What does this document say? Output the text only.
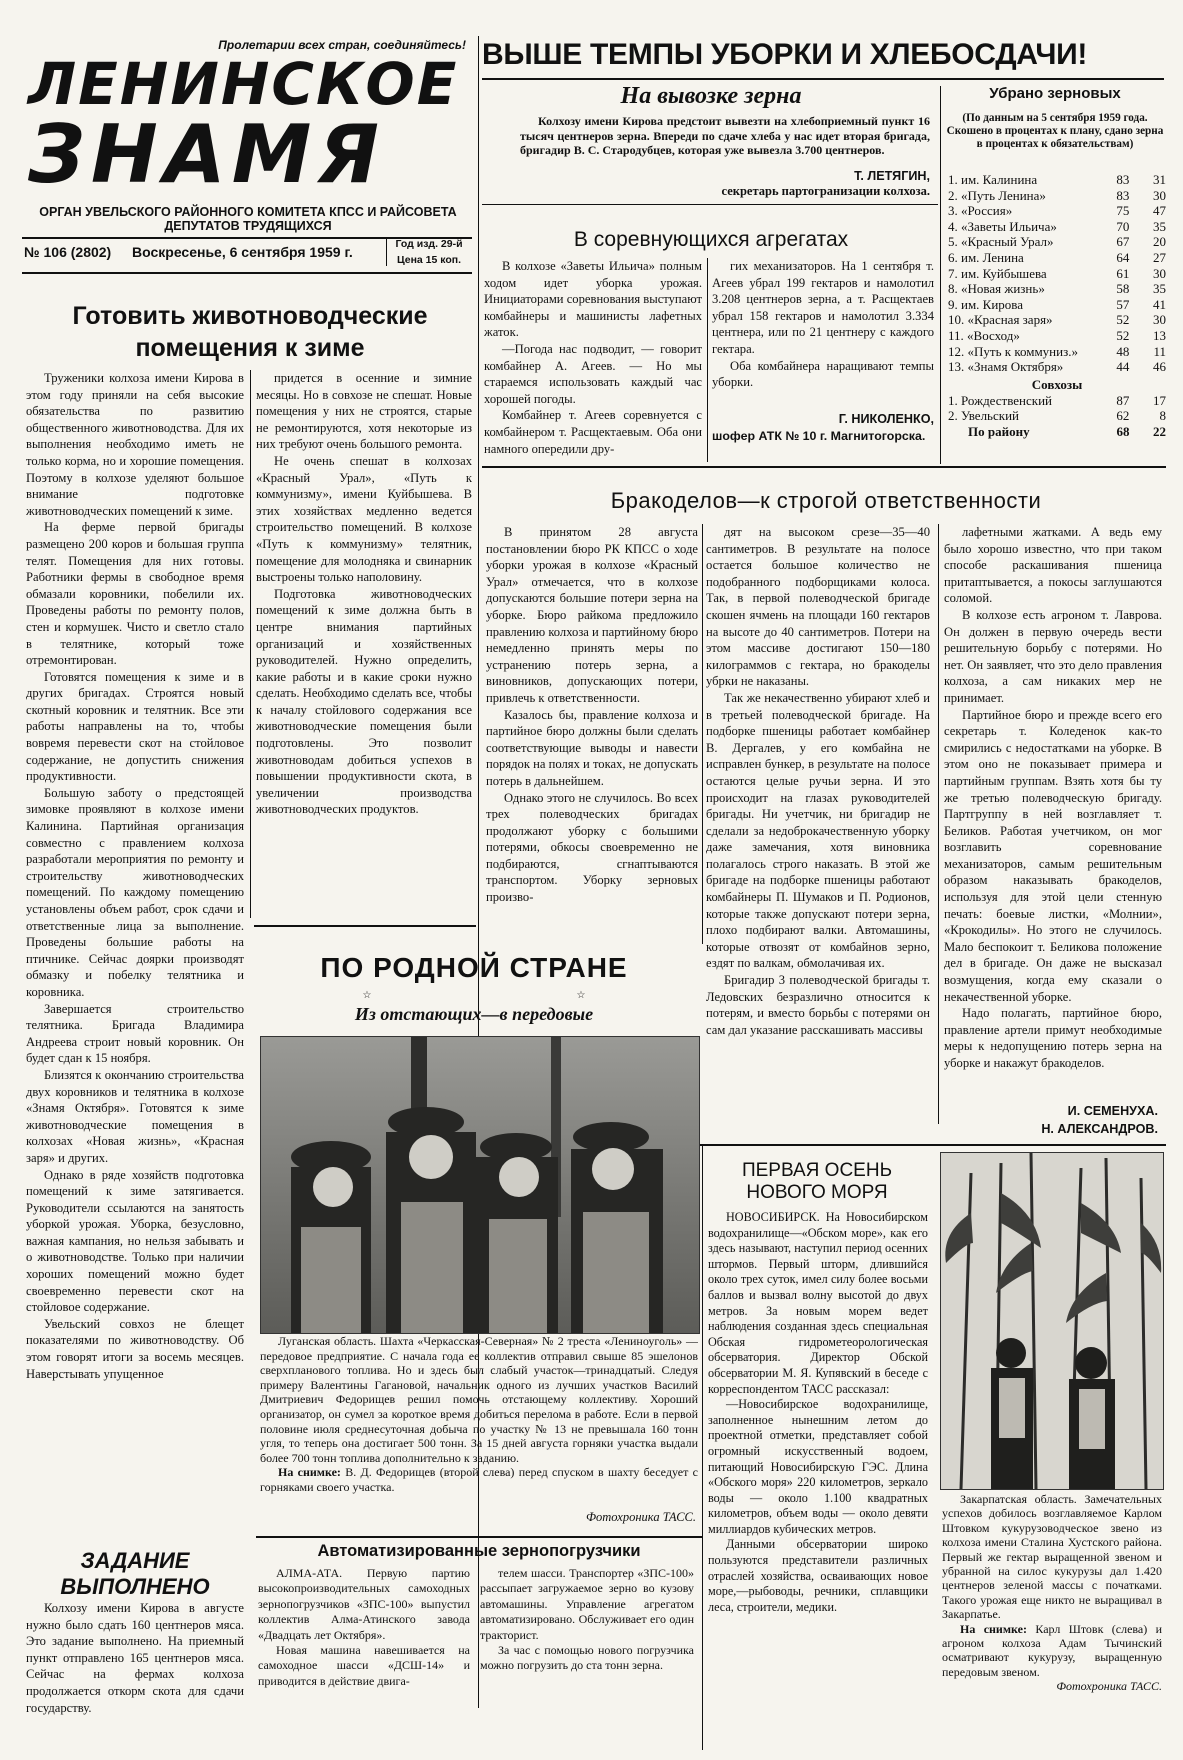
Пролетарии всех стран, соединяйтесь!
ЛЕНИНСКОЕ
ЗНАМЯ
ОРГАН УВЕЛЬСКОГО РАЙОННОГО КОМИТЕТА КПСС И РАЙСОВЕТА ДЕПУТАТОВ ТРУДЯЩИХСЯ
№ 106 (2802) Воскресенье, 6 сентября 1959 г.	Год изд. 29-й
Цена 15 коп.
ВЫШЕ ТЕМПЫ УБОРКИ И ХЛЕБОСДАЧИ!
На вывозке зерна

Колхозу имени Кирова предстоит вывезти на хлебоприемный пункт 16 тысяч центнеров зерна. Впереди по сдаче хлеба у нас идет вторая бригада, бригадир В. С. Стародубцев, которая уже вывезла 3.700 центнеров.

Т. ЛЕТЯГИН,
секретарь партогранизации колхоза.
Убрано зерновых
(По данным на 5 сентября 1959 года. Скошено в процентах к плану, сдано зерна в процентах к обязательствам)
1. им. Калинина	83	31
2. «Путь Ленина»	83	30
3. «Россия»	75	47
4. «Заветы Ильича»	70	35
5. «Красный Урал»	67	20
6. им. Ленина	64	27
7. им. Куйбышева	61	30
8. «Новая жизнь»	58	35
9. им. Кирова	57	41
10. «Красная заря»	52	30
11. «Восход»	52	13
12. «Путь к коммуниз.»	48	11
13. «Знамя Октября»	44	46
Совхозы
1. Рождественский	87	17
2. Увельский	62	8
По району	68	22
В соревнующихся агрегатах

В колхозе «Заветы Ильича» полным ходом идет уборка урожая. Инициаторами соревнования выступают комбайнеры и машинисты лафетных жаток.

—Погода нас подводит, — говорит комбайнер А. Агеев. — Но мы стараемся использовать каждый час хорошей погоды.

Комбайнер т. Агеев соревнуется с комбайнером т. Расщектаевым. Оба они намного опередили дру-

гих механизаторов. На 1 сентября т. Агеев убрал 199 гектаров и намолотил 3.208 центнеров зерна, а т. Расщектаев убрал 158 гектаров и намолотил 3.334 центнера, или по 21 центнеру с каждого гектара.

Оба комбайнера наращивают темпы уборки.

Г. НИКОЛЕНКО,
шофер АТК № 10 г. Магнитогорска.
Готовить животноводческие помещения к зиме

Труженики колхоза имени Кирова в этом году приняли на себя высокие обязательства по развитию общественного животноводства. Для их выполнения необходимо иметь не только корма, но и хорошие помещения. Поэтому в колхозе уделяют большое внимание подготовке животноводческих помещений к зиме.

На ферме первой бригады размещено 200 коров и большая группа телят. Помещения для них готовы. Работники фермы в свободное время обмазали коровники, побелили их. Проведены работы по ремонту полов, стен и кормушек. Чисто и светло стало в телятнике, который тоже отремонтирован.

Готовятся помещения к зиме и в других бригадах. Строятся новый скотный коровник и телятник. Все эти работы направлены на то, чтобы вовремя перевести скот на стойловое содержание, не допустить снижения продуктивности.

Большую заботу о предстоящей зимовке проявляют в колхозе имени Калинина. Партийная организация совместно с правлением колхоза разработали мероприятия по ремонту и строительству животноводческих помещений. По каждому помещению установлены объем работ, срок сдачи и ответственные лица за выполнение. Проведены большие работы на птичнике. Сейчас доярки производят обмазку и побелку телятника и коровника.

Завершается строительство телятника. Бригада Владимира Андреева строит новый коровник. Он будет сдан к 15 ноября.

Близятся к окончанию строительства двух коровников и телятника в колхозе «Знамя Октября». Готовятся к зиме животноводческие помещения в колхозах «Новая жизнь», «Красная заря» и других.

Однако в ряде хозяйств подготовка помещений к зиме затягивается. Руководители ссылаются на занятость уборкой урожая. Уборка, безусловно, важная кампания, но нельзя забывать и о животноводстве. Только при наличии хороших помещений можно будет своевременно перевести скот на стойловое содержание.

Увельский совхоз не блещет показателями по животноводству. Об этом говорят итоги за восемь месяцев. Наверстывать упущенное

придется в осенние и зимние месяцы. Но в совхозе не спешат. Новые помещения у них не строятся, старые не ремонтируются, хотя некоторые из них требуют очень большого ремонта.

Не очень спешат в колхозах «Красный Урал», «Путь к коммунизму», имени Куйбышева. В этих хозяйствах медленно ведется строительство помещений. В колхозе «Путь к коммунизму» телятник, помещение для молодняка и свинарник выстроены только наполовину.

Подготовка животноводческих помещений к зиме должна быть в центре внимания партийных организаций и хозяйственных руководителей. Нужно определить, какие работы и в какие сроки нужно сделать. Необходимо сделать все, чтобы к началу стойлового содержания все животноводческие помещения были подготовлены. Это позволит животноводам добиться успехов в повышении продуктивности скота, в увеличении производства животноводческих продуктов.

ЗАДАНИЕ
ВЫПОЛНЕНО

Колхозу имени Кирова в августе нужно было сдать 160 центнеров мяса. Это задание выполнено. На приемный пункт отправлено 165 центнеров мяса. Сейчас на фермах колхоза продолжается откорм скота для сдачи государству.

Бракоделов—к строгой ответственности

В принятом 28 августа постановлении бюро РК КПСС о ходе уборки урожая в колхозе «Красный Урал» отмечается, что в колхозе допускаются большие потери зерна на уборке. Бюро райкома предложило правлению колхоза и партийному бюро немедленно принять меры по устранению потерь зерна, а виновников, допускающих потери, привлечь к ответственности.

Казалось бы, правление колхоза и партийное бюро должны были сделать соответствующие выводы и навести порядок на полях и токах, не допускать потерь в дальнейшем.

Однако этого не случилось. Во всех трех полеводческих бригадах продолжают уборку с большими потерями, обкосы своевременно не подбираются, сгнаптываются транспортом. Уборку зерновых произво-

дят на высоком срезе—35—40 сантиметров. В результате на полосе остается большое количество не подобранного подборщиками колоса. Так, в первой полеводческой бригаде скошен ячмень на площади 160 гектаров на высоте до 40 сантиметров. Потери на этом массиве достигают 150—180 килограммов с гектара, но бракоделы убрки не наказаны.

Так же некачественно убирают хлеб и в третьей полеводческой бригаде. На подборке пшеницы работает комбайнер В. Дергалев, у его комбайна не исправлен бункер, в результате на полосе остаются целые ручьи зерна. И это происходит на глазах руководителей бригады. Ни учетчик, ни бригадир не сделали за недоброкачественную уборку даже замечания, хотя виновника полагалось строго наказать. В этой же бригаде на подборке пшеницы работают комбайнеры П. Шумаков и П. Родионов, которые также допускают потери зерна, плохо подбирают валки. Автомашины, которые отвозят от комбайнов зерно, ездят по валкам, обмолачивая их.

Бригадир 3 полеводческой бригады т. Ледовских безразлично относится к потерям, и вместо борьбы с потерями он сам дал указание расскашивать массивы

лафетными жатками. А ведь ему было хорошо известно, что при таком способе раскашивания пшеница притаптывается, а покосы заглушаются соломой.

В колхозе есть агроном т. Лаврова. Он должен в первую очередь вести решительную борьбу с потерями. Но нет. Он заявляет, что это дело правления колхоза, а сам никаких мер не принимает.

Партийное бюро и прежде всего его секретарь т. Коледенок как-то смирились с недостатками на уборке. В этом оно не показывает примера и партийным группам. Взять хотя бы ту же третью полеводческую бригаду. Партгруппу в ней возглавляет т. Беликов. Работая учетчиком, он мог возглавить соревнование механизаторов, самым решительным образом наказывать бракоделов, используя для этой цели стенную печать: боевые листки, «Молнии», «Крокодилы». Но этого не случилось. Мало беспокоит т. Беликова положение дел в бригаде. Он даже не высказал возмущения, когда ему сказали о некачественной уборке.

Надо полагать, партийное бюро, правление артели примут необходимые меры к недопущению потерь зерна на уборке и накажут бракоделов.

И. СЕМЕНУХА.
Н. АЛЕКСАНДРОВ.
ПО РОДНОЙ СТРАНЕ
☆	☆
Из отстающих—в передовые

Луганская область. Шахта «Черкасская-Северная» № 2 треста «Лениноуголь» — передовое предприятие. С начала года ее коллектив отправил свыше 85 эшелонов сверхпланового топлива. Но и здесь был слабый участок—тринадцатый. Следуя примеру Валентины Гагановой, начальник одного из лучших участков Василий Дмитриевич Федорищев решил помочь отстающему коллективу. Хороший организатор, он сумел за короткое время добиться перелома в работе. Если в первой половине июля среднесуточная добыча по участку № 13 не превышала 160 тонн угля, то теперь она достигает 500 тонн. За 15 дней августа горняки участка выдали более 700 тонн топлива дополнительно к заданию.

На снимке: В. Д. Федорищев (второй слева) перед спуском в шахту беседует с горняками своего участка.

Фотохроника ТАСС.
Автоматизированные зернопогрузчики

АЛМА-АТА. Первую партию высокопроизводительных самоходных зернопогрузчиков «ЗПС-100» выпустил коллектив Алма-Атинского завода «Двадцать лет Октября».

Новая машина навешивается на самоходное шасси «ДСШ-14» и приводится в действие двига-

телем шасси. Транспортер «ЗПС-100» рассыпает загружаемое зерно во кузову автомашины. Управление агрегатом автоматизировано. Обслуживает его один тракторист.

За час с помощью нового погрузчика можно погрузить до ста тонн зерна.

ПЕРВАЯ ОСЕНЬ
НОВОГО МОРЯ

НОВОСИБИРСК. На Новосибирском водохранилище—«Обском море», как его здесь называют, наступил период осенних штормов. Первый шторм, длившийся около трех суток, имел силу более восьми баллов и вызвал волну высотой до двух метров. За новым морем ведет наблюдения созданная здесь специальная Обская гидрометеорологическая обсерватория. Директор Обской обсерватории М. Я. Купявский в беседе с корреспондентом ТАСС рассказал:

—Новосибирское водохранилище, заполненное нынешним летом до проектной отметки, представляет собой огромный искусственный водоем, питающий Новосибирскую ГЭС. Длина «Обского моря» 220 километров, зеркало воды — около 1.100 квадратных километров, объем воды — около девяти миллиардов кубических метров.

Данными обсерватории широко пользуются представители различных отраслей хозяйства, осваивающих новое море,—рыбоводы, речники, сплавщики леса, строители, медики.

Закарпатская область. Замечательных успехов добилось возглавляемое Карлом Штовком кукурузоводческое звено из колхоза имени Сталина Хустского района. Первый же гектар выращенной звеном и убранной на силос кукурузы дал 1.420 центнеров зеленой массы с початками. Такого урожая еще никто не выращивал в Закарпатье.

На снимке: Карл Штовк (слева) и агроном колхоза Адам Тычинский осматривают кукурузу, выращенную передовым звеном.

Фотохроника ТАСС.
